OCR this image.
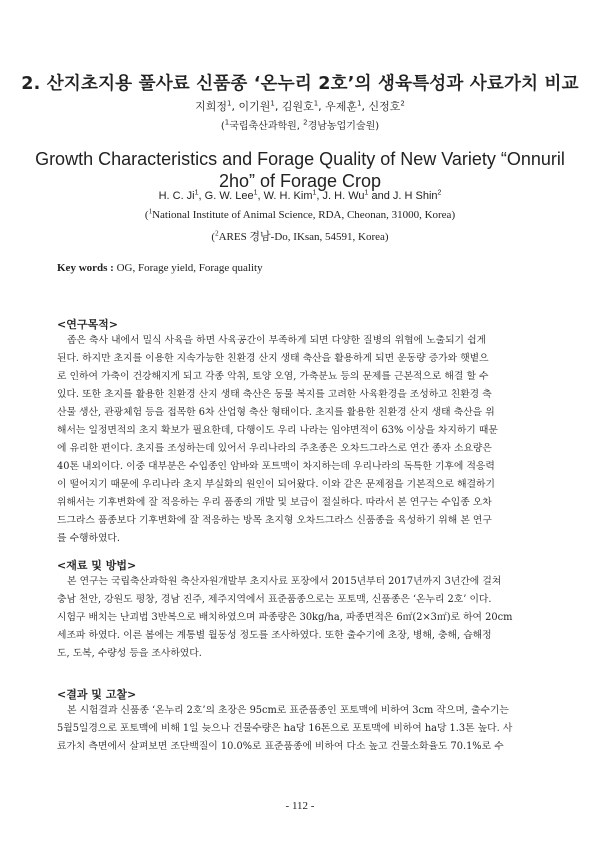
2. 산지초지용 풀사료 신품종 ‘온누리 2호’의 생육특성과 사료가치 비교
지희정$^1$, 이기원$^1$, 김원호$^1$, 우제훈$^1$, 신정호$^2$
($^1$국립축산과학원, $^2$경남농업기술원)
Growth Characteristics and Forage Quality of New Variety “Onnuril
2ho” of Forage Crop
H. C. Ji$^1$, G. W. Lee$^1$, W. H. Kim$^1$, J. H. Wu$^1$ and J. H Shin$^2$
($^1$National Institute of Animal Science, RDA, Cheonan, 31000, Korea)
($^2$ARES 경남-Do, IKsan, 54591, Korea)
Key words : OG, Forage yield, Forage quality
<연구목적>
좁은 축사 내에서 밀식 사육을 하면 사육공간이 부족하게 되면 다양한 질병의 위협에 노출되기 쉽게
된다. 하지만 초지를 이용한 지속가능한 친환경 산지 생태 축산을 활용하게 되면 운동량 증가와 햇볕으
로 인하여 가축이 건강해지게 되고 각종 악취, 토양 오염, 가축분뇨 등의 문제를 근본적으로 해결 할 수
있다. 또한 초지를 활용한 친환경 산지 생태 축산은 동물 복지를 고려한 사육환경을 조성하고 친환경 축
산물 생산, 관광체험 등을 접목한 6차 산업형 축산 형태이다. 초지를 활용한 친환경 산지 생태 축산을 위
해서는 일정면적의 초지 확보가 필요한데, 다행이도 우리 나라는 임야면적이 63% 이상을 차지하기 때문
에 유리한 편이다. 초지를 조성하는데 있어서 우리나라의 주초종은 오차드그라스로 연간 종자 소요량은
40톤 내외이다. 이중 대부분은 수입종인 암바와 포트맥이 차지하는데 우리나라의 독특한 기후에 적응력
이 떨어지기 때문에 우리나라 초지 부실화의 원인이 되어왔다. 이와 같은 문제점을 기본적으로 해결하기
위해서는 기후변화에 잘 적응하는 우리 품종의 개발 및 보급이 절실하다. 따라서 본 연구는 수입종 오차
드그라스 품종보다 기후변화에 잘 적응하는 방목 초지형 오차드그라스 신품종을 육성하기 위해 본 연구
를 수행하였다.
<재료 및 방법>
본 연구는 국립축산과학원 축산자원개발부 초지사료 포장에서 2015년부터 2017년까지 3년간에 걸쳐
충남 천안, 강원도 평창, 경남 진주, 제주지역에서 표준품종으로는 포토맥, 신품종은 ‘온누리 2호’ 이다.
시험구 배치는 난괴법 3반복으로 배치하였으며 파종량은 30kg/ha, 파종면적은 6㎡(2×3㎡)로 하여 20cm
세조파 하였다. 이른 봄에는 계통별 월동성 정도를 조사하였다. 또한 출수기에 초장, 병해, 충해, 습해정
도, 도복, 수량성 등을 조사하였다.
<결과 및 고찰>
본 시험결과 신품종 ‘온누리 2호’의 초장은 95cm로 표준품종인 포토맥에 비하여 3cm 작으며, 출수기는
5월5일경으로 포토맥에 비해 1일 늦으나 건물수량은 ha당 16톤으로 포토맥에 비하여 ha당 1.3톤 높다. 사
료가치 측면에서 살펴보면 조단백질이 10.0%로 표준품종에 비하여 다소 높고 건물소화율도 70.1%로 수
- 112 -
